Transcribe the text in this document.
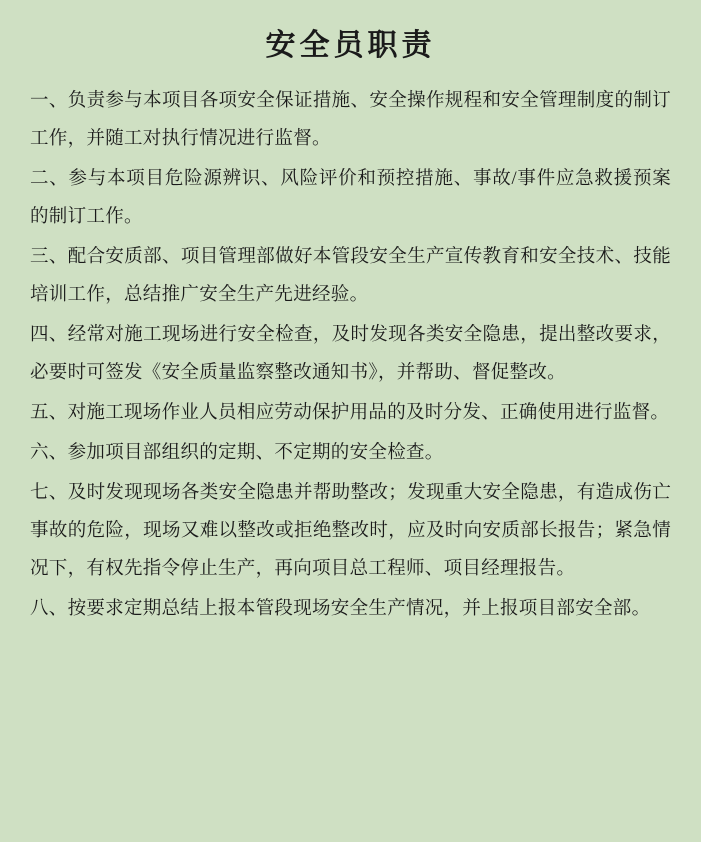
安全员职责

一、负责参与本项目各项安全保证措施、安全操作规程和安全管理制度的制订工作，并随工对执行情况进行监督。

二、参与本项目危险源辨识、风险评价和预控措施、事故/事件应急救援预案的制订工作。

三、配合安质部、项目管理部做好本管段安全生产宣传教育和安全技术、技能培训工作，总结推广安全生产先进经验。

四、经常对施工现场进行安全检查，及时发现各类安全隐患，提出整改要求，必要时可签发《安全质量监察整改通知书》，并帮助、督促整改。

五、对施工现场作业人员相应劳动保护用品的及时分发、正确使用进行监督。

六、参加项目部组织的定期、不定期的安全检查。

七、及时发现现场各类安全隐患并帮助整改；发现重大安全隐患，有造成伤亡事故的危险，现场又难以整改或拒绝整改时，应及时向安质部长报告；紧急情况下，有权先指令停止生产，再向项目总工程师、项目经理报告。

八、按要求定期总结上报本管段现场安全生产情况，并上报项目部安全部。
